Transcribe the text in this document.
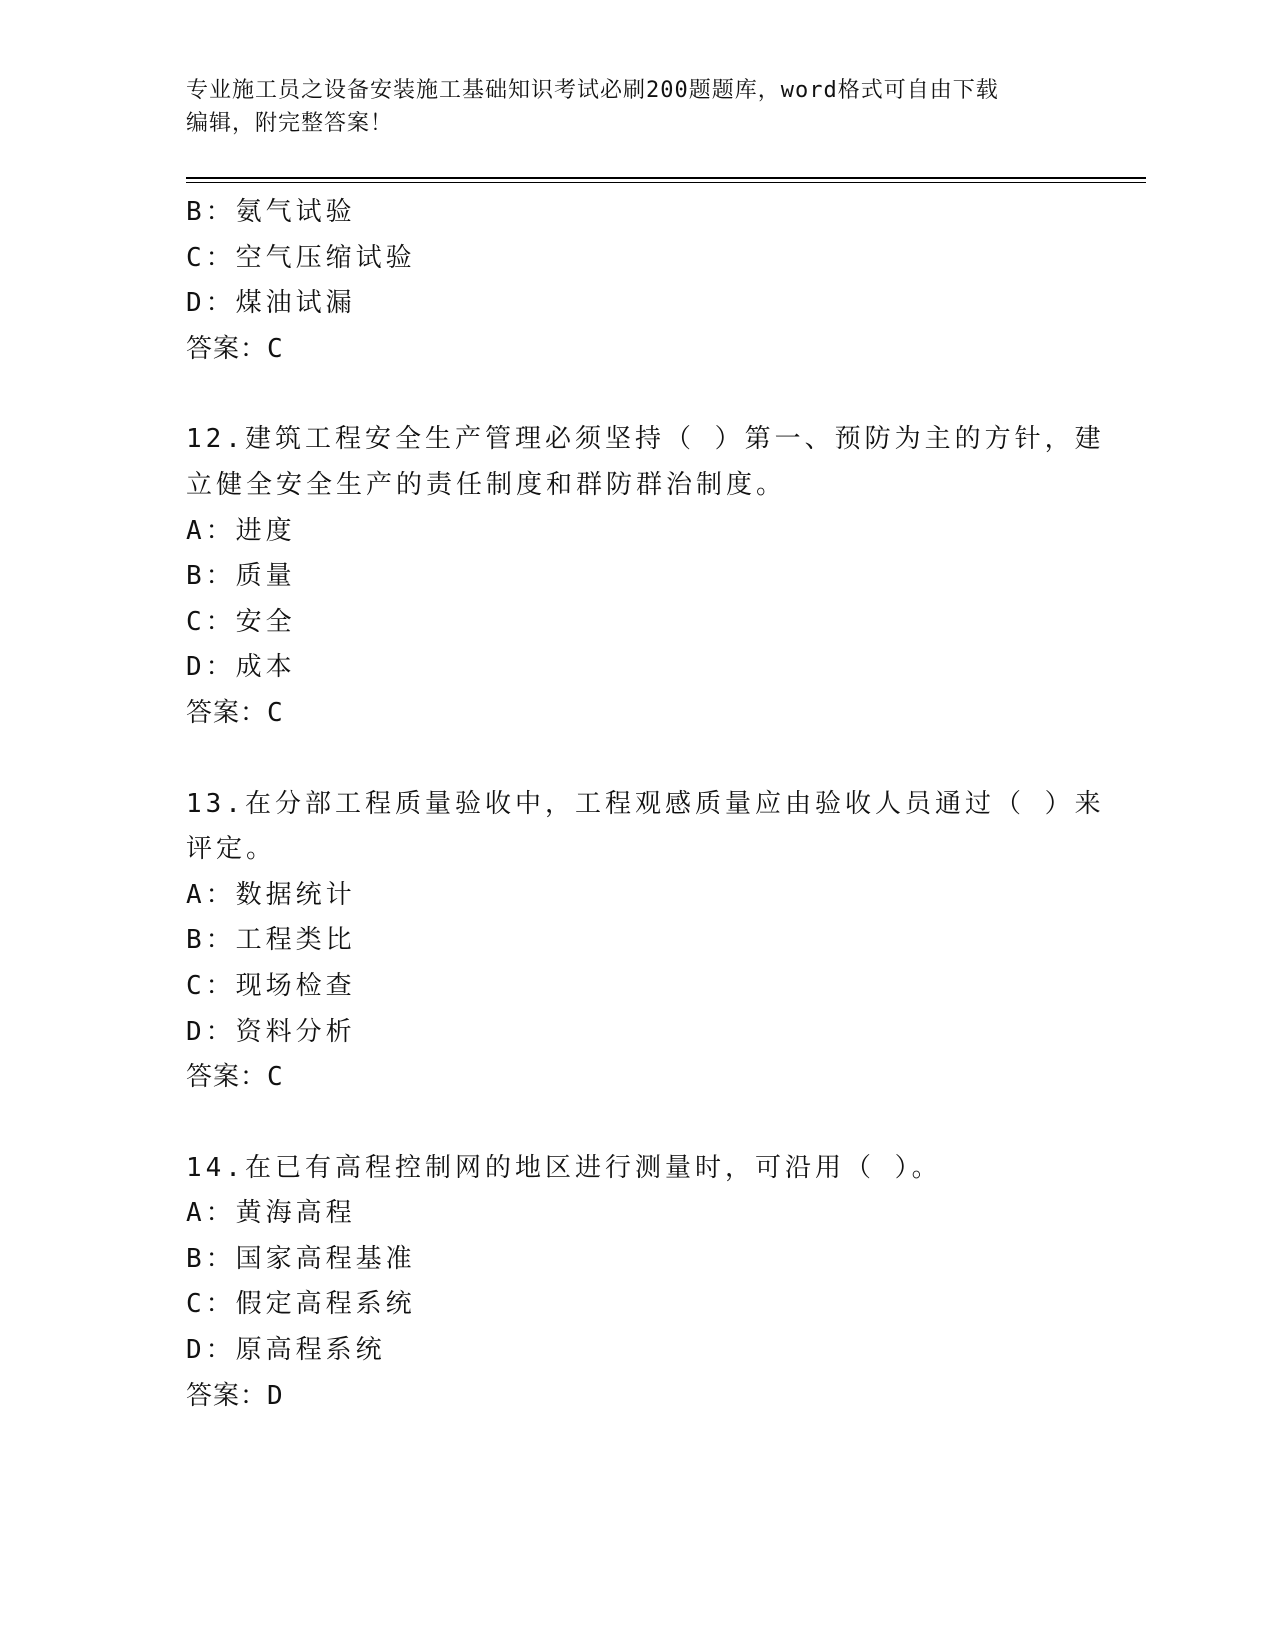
专业施工员之设备安装施工基础知识考试必刷200题题库，word格式可自由下载
编辑，附完整答案！
B：氨气试验
C：空气压缩试验
D：煤油试漏
答案：C
12.建筑工程安全生产管理必须坚持（ ）第一、预防为主的方针，建
立健全安全生产的责任制度和群防群治制度。
A：进度
B：质量
C：安全
D：成本
答案：C
13.在分部工程质量验收中，工程观感质量应由验收人员通过（ ）来
评定。
A：数据统计
B：工程类比
C：现场检查
D：资料分析
答案：C
14.在已有高程控制网的地区进行测量时，可沿用（ ）。
A：黄海高程
B：国家高程基准
C：假定高程系统
D：原高程系统
答案：D
